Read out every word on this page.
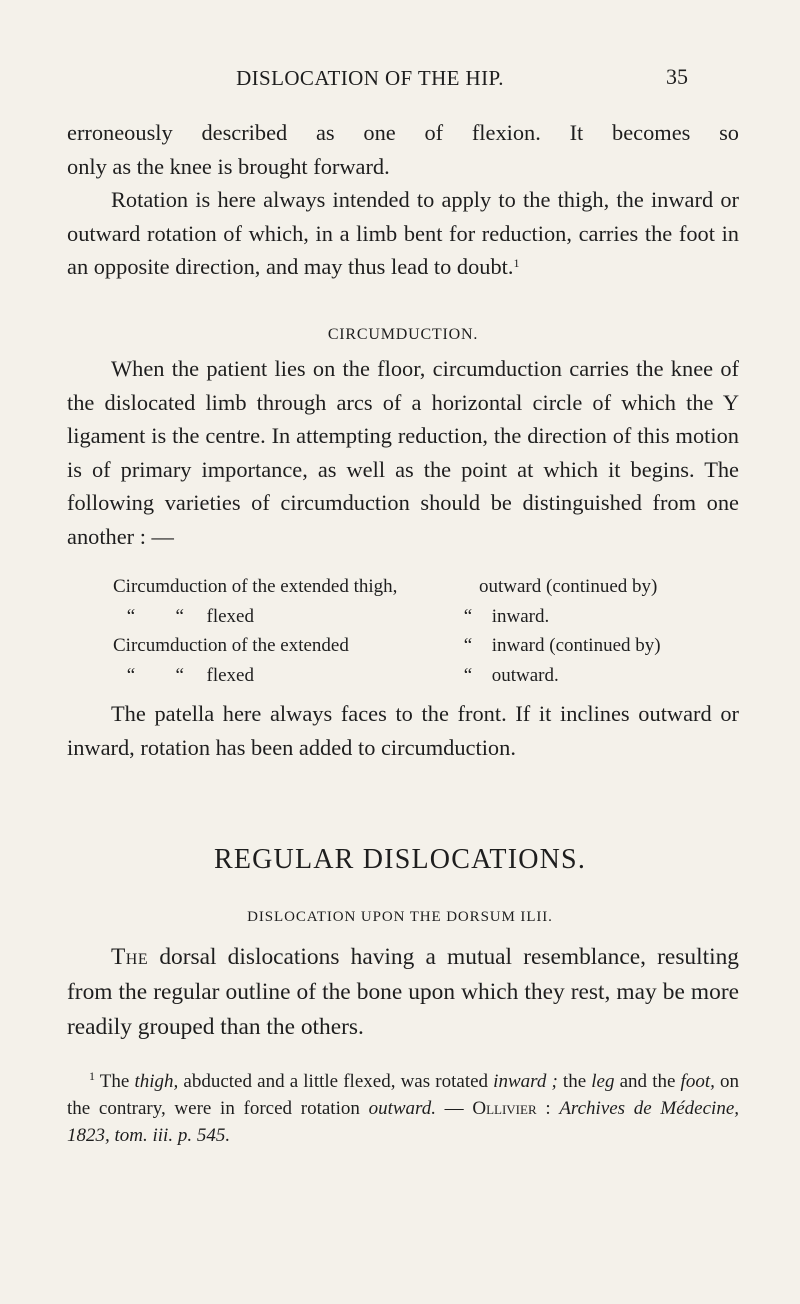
DISLOCATION OF THE HIP.	35

erroneously described as one of flexion. It becomes so

only as the knee is brought forward.

Rotation is here always intended to apply to the thigh, the inward or outward rotation of which, in a limb bent for reduction, carries the foot in an opposite direction, and may thus lead to doubt.$^1$

CIRCUMDUCTION.

When the patient lies on the floor, circumduction carries the knee of the dislocated limb through arcs of a horizontal circle of which the Y ligament is the centre. In attempting reduction, the direction of this motion is of primary importance, as well as the point at which it begins. The following varieties of circumduction should be distinguished from one another : —

Circumduction of the extended thigh,	outward (continued by)
“ “ flexed	“ inward.
Circumduction of the extended	“ inward (continued by)
“ “ flexed	“ outward.

The patella here always faces to the front. If it inclines outward or inward, rotation has been added to circumduction.

REGULAR DISLOCATIONS.
DISLOCATION UPON THE DORSUM ILII.

The dorsal dislocations having a mutual resemblance, resulting from the regular outline of the bone upon which they rest, may be more readily grouped than the others.

$^1$ The thigh, abducted and a little flexed, was rotated inward ; the leg and the foot, on the contrary, were in forced rotation outward. — Ollivier : Archives de Médecine, 1823, tom. iii. p. 545.
